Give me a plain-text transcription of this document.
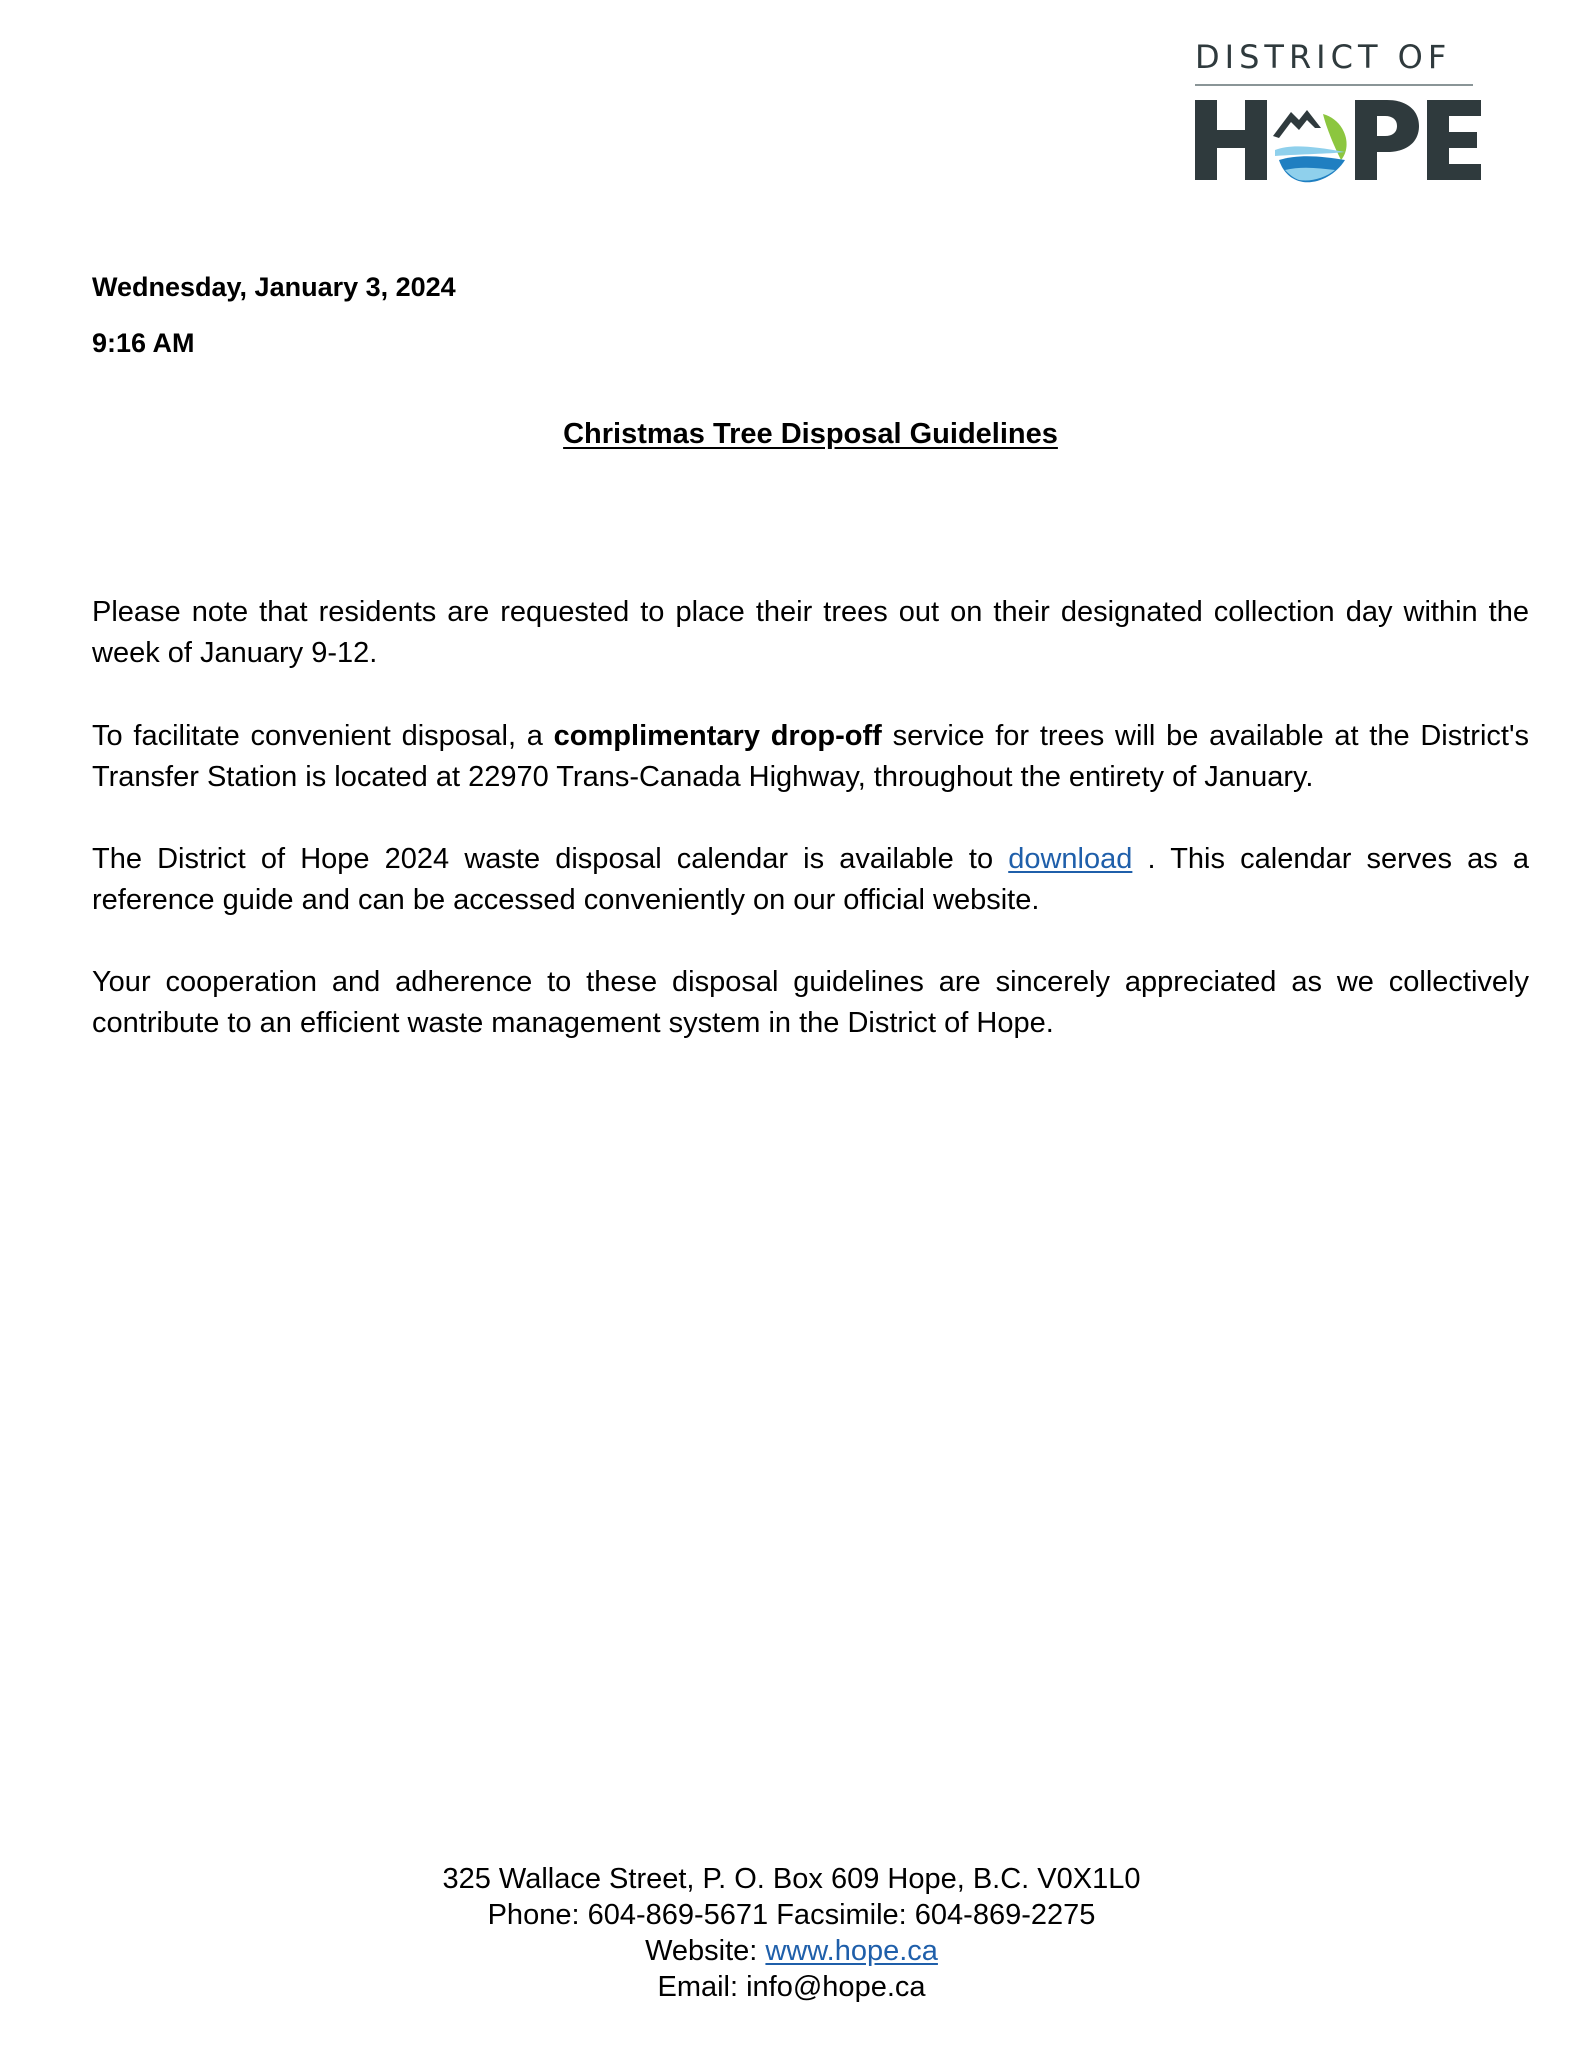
DISTRICT OF
Wednesday, January 3, 2024
9:16 AM
Christmas Tree Disposal Guidelines

Please note that residents are requested to place their trees out on their designated collection day within the week of January 9-12.

To facilitate convenient disposal, a complimentary drop-off service for trees will be available at the District's Transfer Station is located at 22970 Trans-Canada Highway, throughout the entirety of January.

The District of Hope 2024 waste disposal calendar is available to download . This calendar serves as a reference guide and can be accessed conveniently on our official website.

Your cooperation and adherence to these disposal guidelines are sincerely appreciated as we collectively contribute to an efficient waste management system in the District of Hope.

325 Wallace Street, P. O. Box 609 Hope, B.C. V0X1L0
Phone: 604-869-5671 Facsimile: 604-869-2275
Website: www.hope.ca
Email: info@hope.ca
